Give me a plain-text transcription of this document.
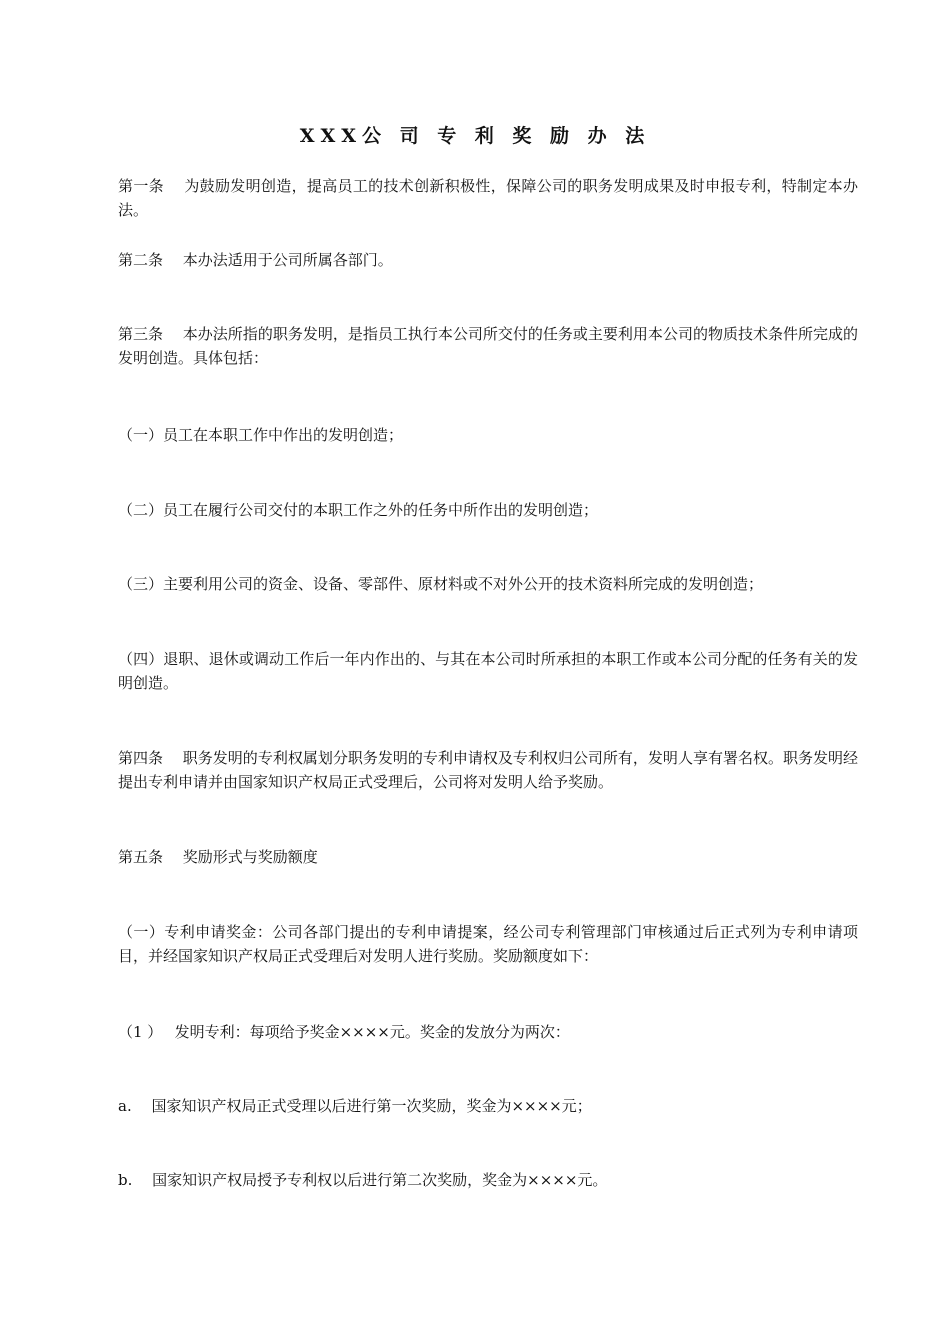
XXX公 司 专 利 奖 励 办 法
第一条　 为鼓励发明创造，提高员工的技术创新积极性，保障公司的职务发明成果及时申报专利，特制定本办法。
第二条　 本办法适用于公司所属各部门。
第三条　 本办法所指的职务发明，是指员工执行本公司所交付的任务或主要利用本公司的物质技术条件所完成的发明创造。具体包括：
（一）员工在本职工作中作出的发明创造；
（二）员工在履行公司交付的本职工作之外的任务中所作出的发明创造；
（三）主要利用公司的资金、设备、零部件、原材料或不对外公开的技术资料所完成的发明创造；
（四）退职、退休或调动工作后一年内作出的、与其在本公司时所承担的本职工作或本公司分配的任务有关的发明创造。
第四条　 职务发明的专利权属划分职务发明的专利申请权及专利权归公司所有，发明人享有署名权。职务发明经提出专利申请并由国家知识产权局正式受理后，公司将对发明人给予奖励。
第五条　 奖励形式与奖励额度
（一）专利申请奖金：公司各部门提出的专利申请提案，经公司专利管理部门审核通过后正式列为专利申请项目，并经国家知识产权局正式受理后对发明人进行奖励。奖励额度如下：
（1 ）　 发明专利：每项给予奖金××××元。奖金的发放分为两次：
a.　 国家知识产权局正式受理以后进行第一次奖励，奖金为××××元；
b.　 国家知识产权局授予专利权以后进行第二次奖励，奖金为××××元。
